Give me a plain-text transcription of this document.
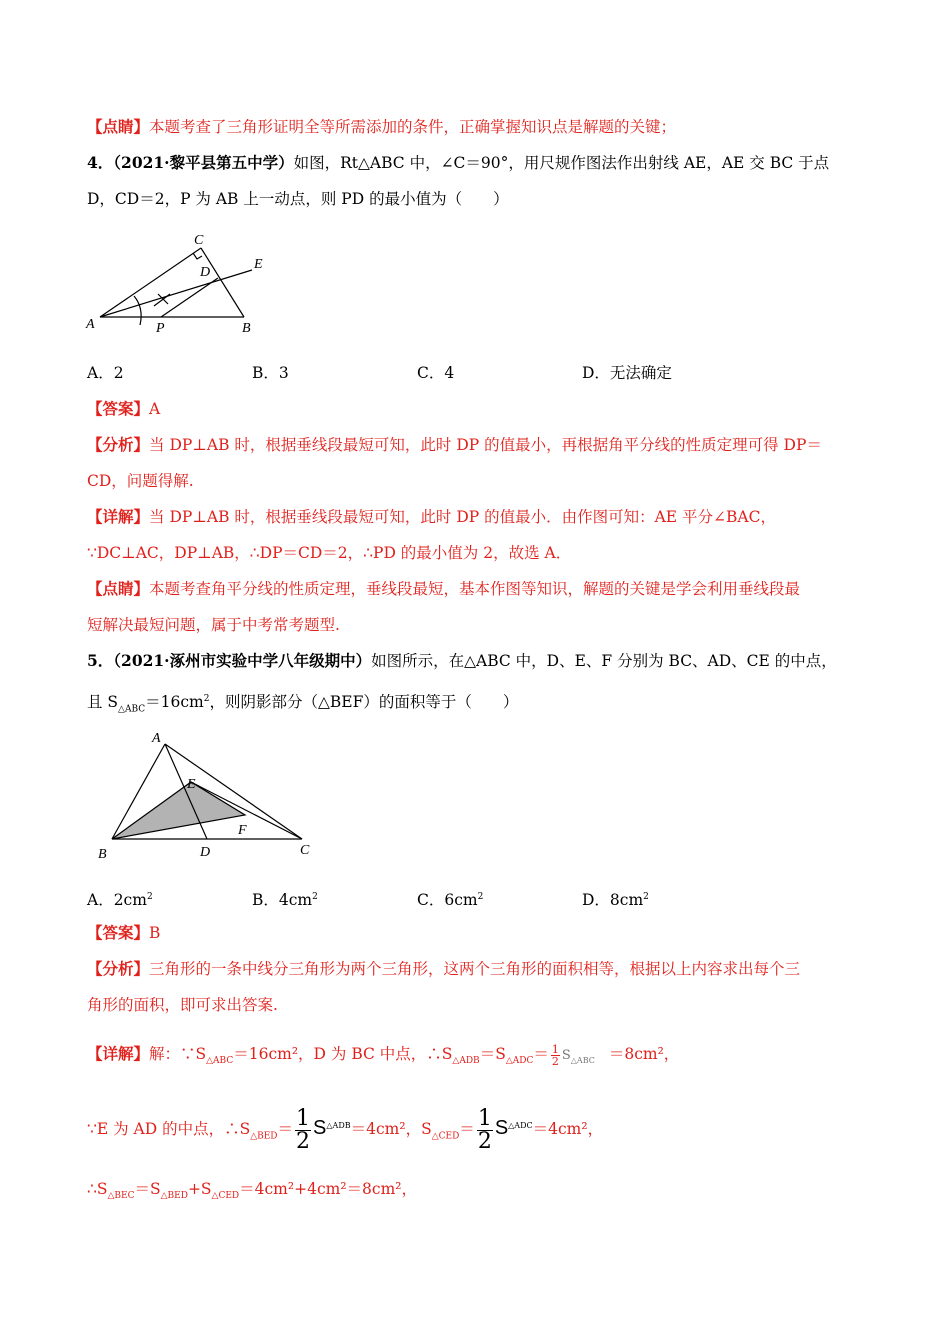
【点睛】本题考查了三角形证明全等所需添加的条件，正确掌握知识点是解题的关键；
4．（2021·黎平县第五中学）如图，Rt△ABC 中，∠C＝90°，用尺规作图法作出射线 AE，AE 交 BC 于点
D，CD＝2，P 为 AB 上一动点，则 PD 的最小值为（　　）
C
D
E
A	P	B
A．2	B．3	C．4	D．无法确定
【答案】A
【分析】当 DP⊥AB 时，根据垂线段最短可知，此时 DP 的值最小，再根据角平分线的性质定理可得 DP＝
CD，问题得解.
【详解】当 DP⊥AB 时，根据垂线段最短可知，此时 DP 的值最小．由作图可知：AE 平分∠BAC，
∵DC⊥AC，DP⊥AB，∴DP＝CD＝2，∴PD 的最小值为 2，故选 A．
【点睛】本题考查角平分线的性质定理，垂线段最短，基本作图等知识，解题的关键是学会利用垂线段最
短解决最短问题，属于中考常考题型.
5．（2021·涿州市实验中学八年级期中）如图所示，在△ABC 中，D、E、F 分别为 BC、AD、CE 的中点，
且 $S_{\triangle ABC}=16cm^2$，则阴影部分（△BEF）的面积等于（　　）
A
E
F
B	D	C
A．$2cm^2$	B．$4cm^2$	C．$6cm^2$	D．$8cm^2$
【答案】B
【分析】三角形的一条中线分三角形为两个三角形，这两个三角形的面积相等，根据以上内容求出每个三
角形的面积，即可求出答案.
【详解】解：$\because S_{\triangle ABC}=16cm^2$，D 为 BC 中点，$\therefore S_{\triangle ADB}=S_{\triangle ADC}= \frac{1}{2} S_{\triangle ABC} =8cm^2$，
∵E 为 AD 的中点，$\therefore S_{\triangle BED}= \frac{1}{2} S^{\triangle ADB}=4cm^2$，$S_{\triangle CED}= \frac{1}{2} S^{\triangle ADC}=4cm^2$，
$\therefore S_{\triangle BEC}=S_{\triangle BED}+S_{\triangle CED}=4cm^2+4cm^2=8cm^2$，
